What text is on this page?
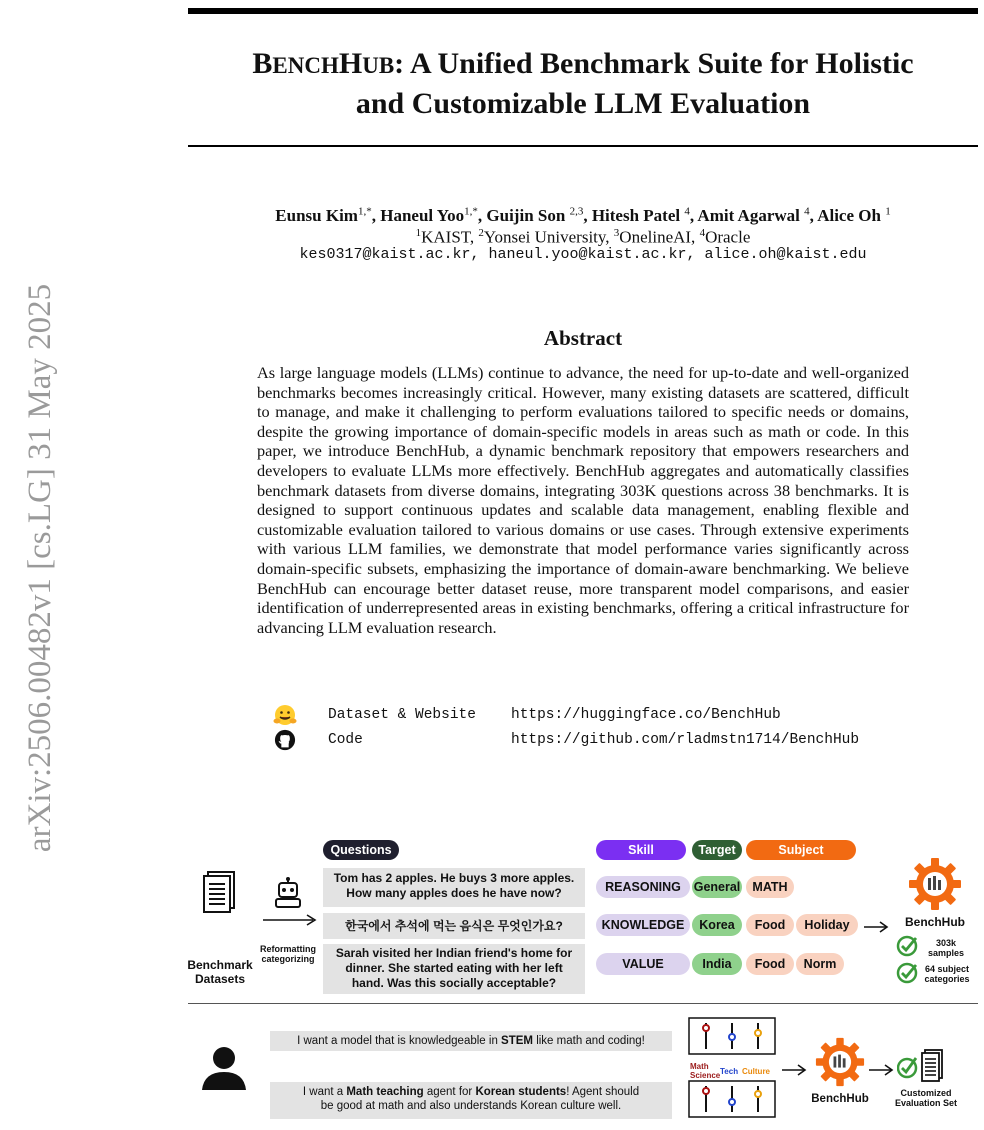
arXiv:2506.00482v1 [cs.LG] 31 May 2025
BENCHHUB: A Unified Benchmark Suite for Holistic
and Customizable LLM Evaluation
Eunsu Kim$^{1,*}$, Haneul Yoo$^{1,*}$, Guijin Son $^{2,3}$, Hitesh Patel $^4$, Amit Agarwal $^4$, Alice Oh $^1$
$^1$KAIST, $^2$Yonsei University, $^3$OnelineAI, $^4$Oracle
kes0317@kaist.ac.kr, haneul.yoo@kaist.ac.kr, alice.oh@kaist.edu
Abstract
As large language models (LLMs) continue to advance, the need for up-to-date and well-organized benchmarks becomes increasingly critical. However, many existing datasets are scattered, difficult to manage, and make it challenging to perform evaluations tailored to specific needs or domains, despite the growing importance of domain-specific models in areas such as math or code. In this paper, we introduce BenchHub, a dynamic benchmark repository that empowers researchers and developers to evaluate LLMs more effectively. BenchHub aggregates and automatically classifies benchmark datasets from diverse domains, integrating 303K questions across 38 benchmarks. It is designed to support continuous updates and scalable data management, enabling flexible and customizable evaluation tailored to various domains or use cases. Through extensive experiments with various LLM families, we demonstrate that model performance varies significantly across domain-specific subsets, emphasizing the importance of domain-aware benchmarking. We believe BenchHub can encourage better dataset reuse, more transparent model comparisons, and easier identification of underrepresented areas in existing benchmarks, offering a critical infrastructure for advancing LLM evaluation research.
Dataset & Website https://huggingface.co/BenchHub
Code	https://github.com/rladmstn1714/BenchHub
Benchmark
Datasets
Reformatting
categorizing
Questions	Skill	Target	Subject
Tom has 2 apples. He buys 3 more apples.
How many apples does he have now?	REASONING	General MATH
한국에서 추석에 먹는 음식은 무엇인가요?	KNOWLEDGE	Korea	Food	Holiday
Sarah visited her Indian friend's home for
dinner. She started eating with her left
hand. Was this socially acceptable?
VALUE	India	Food	Norm
BenchHub
303k
samples
64 subject
categories
I want a model that is knowledgeable in STEM like math and coding!
I want a Math teaching agent for Korean students! Agent should
be good at math and also understands Korean culture well.
Math
Tech Culture
Science
BenchHub	Customized
Evaluation Set
